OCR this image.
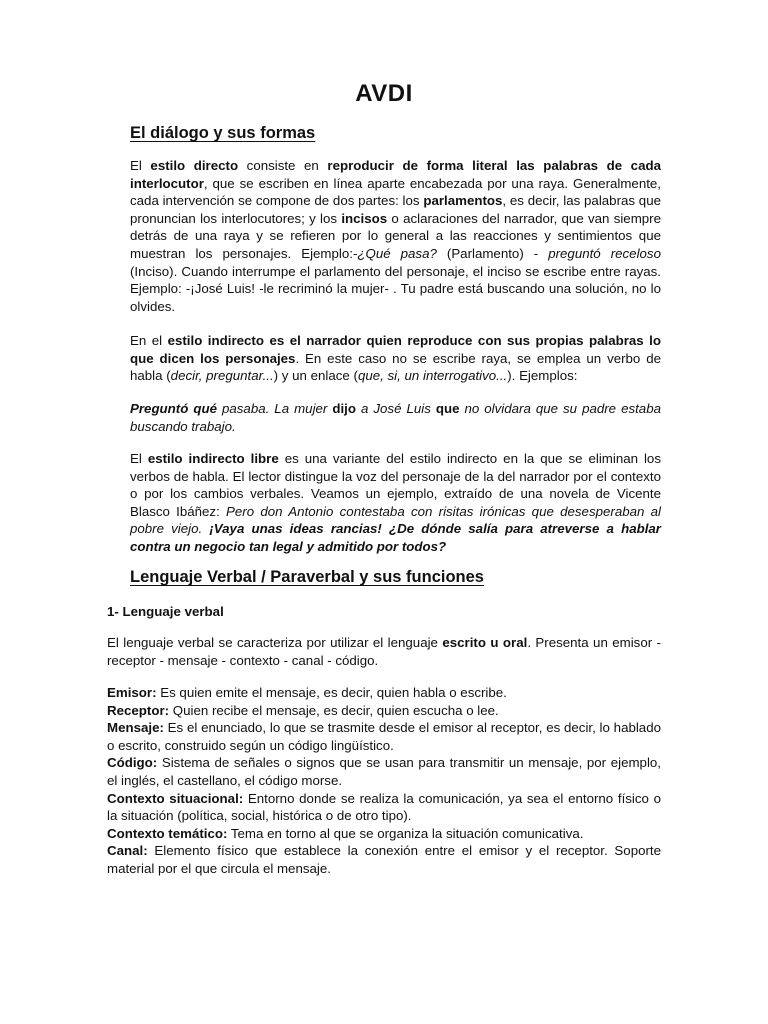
AVDI
El diálogo y sus formas

El estilo directo consiste en reproducir de forma literal las palabras de cada interlocutor, que se escriben en línea aparte encabezada por una raya. Generalmente, cada intervención se compone de dos partes: los parlamentos, es decir, las palabras que pronuncian los interlocutores; y los incisos o aclaraciones del narrador, que van siempre detrás de una raya y se refieren por lo general a las reacciones y sentimientos que muestran los personajes. Ejemplo:-¿Qué pasa? (Parlamento) - preguntó receloso (Inciso). Cuando interrumpe el parlamento del personaje, el inciso se escribe entre rayas. Ejemplo: -¡José Luis! -le recriminó la mujer- . Tu padre está buscando una solución, no lo olvides.

En el estilo indirecto es el narrador quien reproduce con sus propias palabras lo que dicen los personajes. En este caso no se escribe raya, se emplea un verbo de habla (decir, preguntar...) y un enlace (que, si, un interrogativo...). Ejemplos:

Preguntó qué pasaba. La mujer dijo a José Luis que no olvidara que su padre estaba buscando trabajo.

El estilo indirecto libre es una variante del estilo indirecto en la que se eliminan los verbos de habla. El lector distingue la voz del personaje de la del narrador por el contexto o por los cambios verbales. Veamos un ejemplo, extraído de una novela de Vicente Blasco Ibáñez: Pero don Antonio contestaba con risitas irónicas que desesperaban al pobre viejo. ¡Vaya unas ideas rancias! ¿De dónde salía para atreverse a hablar contra un negocio tan legal y admitido por todos?

Lenguaje Verbal / Paraverbal y sus funciones

1- Lenguaje verbal

El lenguaje verbal se caracteriza por utilizar el lenguaje escrito u oral. Presenta un emisor - receptor - mensaje - contexto - canal - código.

Emisor: Es quien emite el mensaje, es decir, quien habla o escribe.
Receptor: Quien recibe el mensaje, es decir, quien escucha o lee.
Mensaje: Es el enunciado, lo que se trasmite desde el emisor al receptor, es decir, lo hablado o escrito, construido según un código lingüístico.
Código: Sistema de señales o signos que se usan para transmitir un mensaje, por ejemplo, el inglés, el castellano, el código morse.
Contexto situacional: Entorno donde se realiza la comunicación, ya sea el entorno físico o la situación (política, social, histórica o de otro tipo).
Contexto temático: Tema en torno al que se organiza la situación comunicativa.
Canal: Elemento físico que establece la conexión entre el emisor y el receptor. Soporte material por el que circula el mensaje.
